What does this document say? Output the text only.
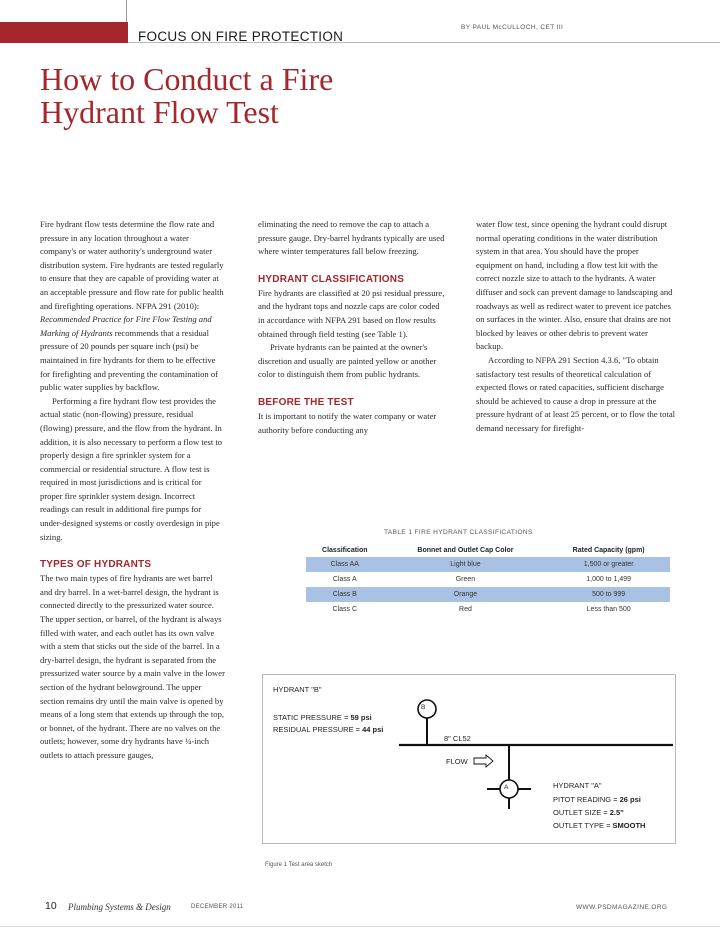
FOCUS ON FIRE PROTECTION
BY PAUL McCULLOCH, CET III
How to Conduct a Fire
Hydrant Flow Test

Fire hydrant flow tests determine the flow rate and pressure in any location throughout a water company's or water authority's underground water distribution system. Fire hydrants are tested regularly to ensure that they are capable of providing water at an acceptable pressure and flow rate for public health and firefighting operations. NFPA 291 (2010): Recommended Practice for Fire Flow Testing and Marking of Hydrants recommends that a residual pressure of 20 pounds per square inch (psi) be maintained in fire hydrants for them to be effective for firefighting and preventing the contamination of public water supplies by backflow.

Performing a fire hydrant flow test provides the actual static (non-flowing) pressure, residual (flowing) pressure, and the flow from the hydrant. In addition, it is also necessary to perform a flow test to properly design a fire sprinkler system for a commercial or residential structure. A flow test is required in most jurisdictions and is critical for proper fire sprinkler system design. Incorrect readings can result in additional fire pumps for under-designed systems or costly overdesign in pipe sizing.

TYPES OF HYDRANTS

The two main types of fire hydrants are wet barrel and dry barrel. In a wet-barrel design, the hydrant is connected directly to the pressurized water source. The upper section, or barrel, of the hydrant is always filled with water, and each outlet has its own valve with a stem that sticks out the side of the barrel. In a dry-barrel design, the hydrant is separated from the pressurized water source by a main valve in the lower section of the hydrant belowground. The upper section remains dry until the main valve is opened by means of a long stem that extends up through the top, or bonnet, of the hydrant. There are no valves on the outlets; however, some dry hydrants have ¼-inch outlets to attach pressure gauges,

eliminating the need to remove the cap to attach a pressure gauge. Dry-barrel hydrants typically are used where winter temperatures fall below freezing.

HYDRANT CLASSIFICATIONS

Fire hydrants are classified at 20 psi residual pressure, and the hydrant tops and nozzle caps are color coded in accordance with NFPA 291 based on flow results obtained through field testing (see Table 1).

Private hydrants can be painted at the owner's discretion and usually are painted yellow or another color to distinguish them from public hydrants.

BEFORE THE TEST

It is important to notify the water company or water authority before conducting any

water flow test, since opening the hydrant could disrupt normal operating conditions in the water distribution system in that area. You should have the proper equipment on hand, including a flow test kit with the correct nozzle size to attach to the hydrants. A water diffuser and sock can prevent damage to landscaping and roadways as well as redirect water to prevent ice patches on surfaces in the winter. Also, ensure that drains are not blocked by leaves or other debris to prevent water backup.

According to NFPA 291 Section 4.3.6, "To obtain satisfactory test results of theoretical calculation of expected flows or rated capacities, sufficient discharge should be achieved to cause a drop in pressure at the pressure hydrant of at least 25 percent, or to flow the total demand necessary for firefight-

TABLE 1 FIRE HYDRANT CLASSIFICATIONS
Classification	Bonnet and Outlet Cap Color	Rated Capacity (gpm)
Class AA	Light blue	1,500 or greater
Class A	Green	1,000 to 1,499
Class B	Orange	500 to 999
Class C	Red	Less than 500
B
A
HYDRANT "B"
STATIC PRESSURE = 59 psi
RESIDUAL PRESSURE = 44 psi
8" CL52
FLOW
HYDRANT "A"
PITOT READING = 26 psi
OUTLET SIZE = 2.5"
OUTLET TYPE = SMOOTH
Figure 1 Test area sketch
10 Plumbing Systems & Design	DECEMBER 2011	WWW.PSDMAGAZINE.ORG
